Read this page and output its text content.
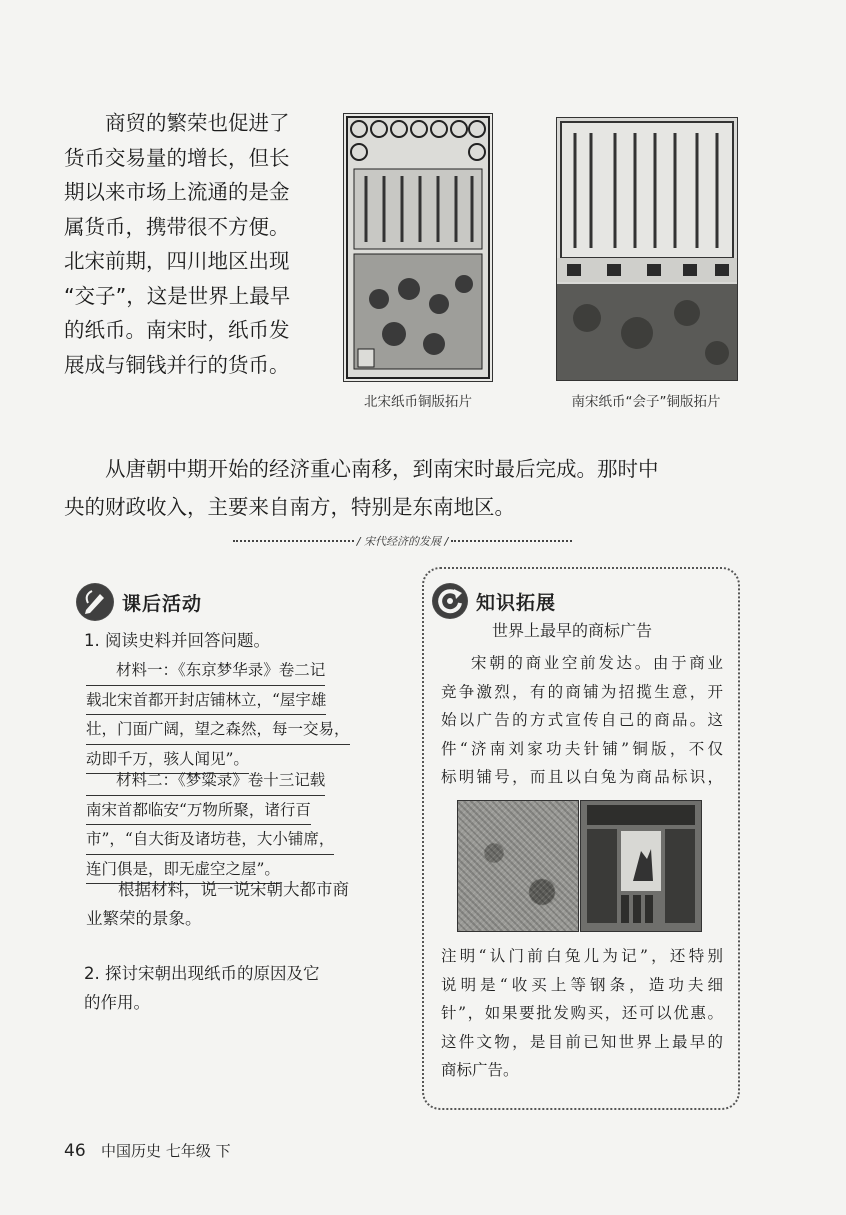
商贸的繁荣也促进了
货币交易量的增长，但长
期以来市场上流通的是金
属货币，携带很不方便。
北宋前期，四川地区出现
“交子”，这是世界上最早
的纸币。南宋时，纸币发
展成与铜钱并行的货币。
北宋纸币铜版拓片	南宋纸币“会子”铜版拓片
从唐朝中期开始的经济重心南移，到南宋时最后完成。那时中
央的财政收入，主要来自南方，特别是东南地区。
/ 宋代经济的发展 /
课后活动
1. 阅读史料并回答问题。
材料一：《东京梦华录》卷二记
载北宋首都开封店铺林立，“屋宇雄
壮，门面广阔，望之森然，每一交易，
动即千万，骇人闻见”。
材料二：《梦粱录》卷十三记载
南宋首都临安“万物所聚，诸行百
市”，“自大街及诸坊巷，大小铺席，
连门俱是，即无虚空之屋”。
根据材料，说一说宋朝大都市商
业繁荣的景象。
2. 探讨宋朝出现纸币的原因及它
的作用。
知识拓展
世界上最早的商标广告
宋朝的商业空前发达。由于商业
竞争激烈，有的商铺为招揽生意，开
始以广告的方式宣传自己的商品。这
件“济南刘家功夫针铺”铜版，不仅
标明铺号，而且以白兔为商品标识，
注明“认门前白兔儿为记”，还特别
说明是“收买上等钢条，造功夫细
针”，如果要批发购买，还可以优惠。
这件文物，是目前已知世界上最早的
商标广告。
46 中国历史 七年级 下
